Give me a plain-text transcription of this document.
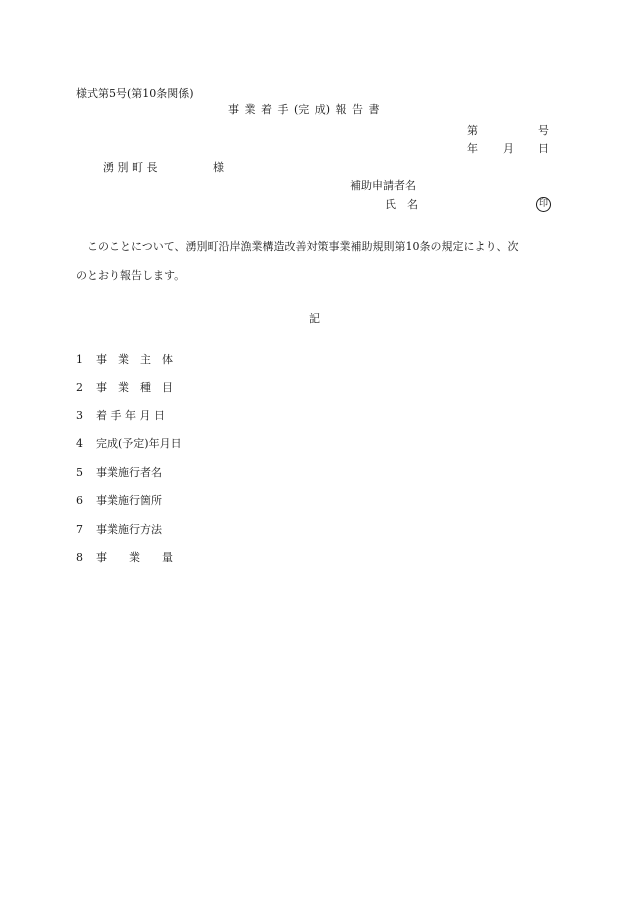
様式第5号(第10条関係)
事 業 着 手 (完 成) 報 告 書
第	号
年 月 日
湧 別 町 長	様
補助申請者名
氏　名	印
　このことについて、湧別町沿岸漁業構造改善対策事業補助規則第10条の規定により、次
のとおり報告します。
記
1 事　業　主　体
2 事　業　種　目
3 着 手 年 月 日
4 完成(予定)年月日
5 事業施行者名
6 事業施行箇所
7 事業施行方法
8 事　　業　　量
